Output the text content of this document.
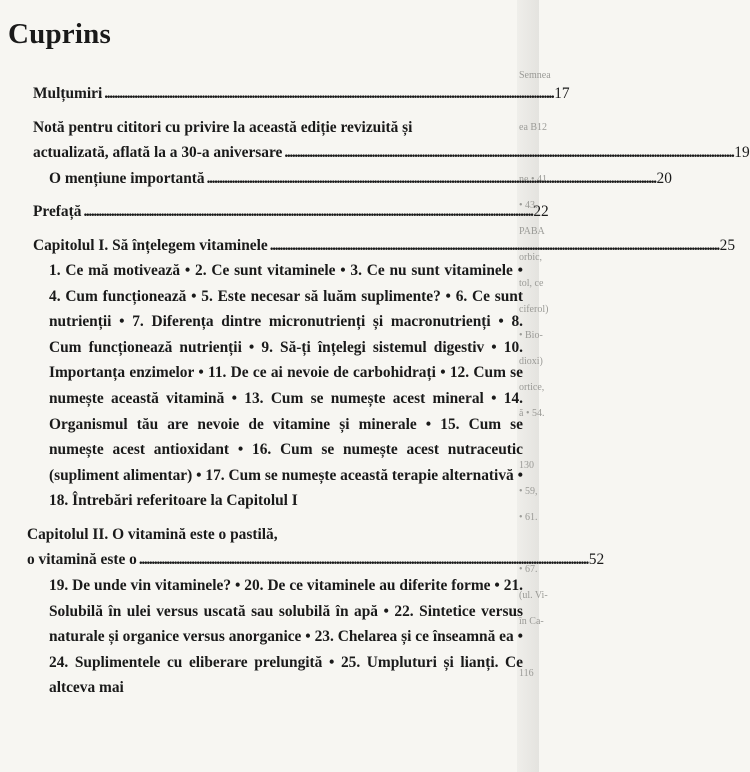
Semnea
ea B12
ne • 41.
• 43.
PABA
orbic,
tol, ce
ciferol)
• Bio-
dioxi)
ortice,
ă • 54.
130
• 59,
• 61.
• 67.
(ul. Vi-
în Ca-
116
Cuprins
Mulțumiri . . .	17
Notă pentru cititori cu privire la această ediție revizuită și
actualizată, aflată la a 30-a aniversare . . .	19
O mențiune importantă . . .	20
Prefață . . .	22
Capitolul I. Să înțelegem vitaminele . . .	25
1. Ce mă motivează • 2. Ce sunt vitaminele • 3. Ce nu sunt vitaminele • 4. Cum funcționează • 5. Este necesar să luăm suplimente? • 6. Ce sunt nutrienții • 7. Diferența dintre micronutrienți și macronutrienți • 8. Cum funcționează nutrienții • 9. Să-ți înțelegi sistemul digestiv • 10. Importanța enzimelor • 11. De ce ai nevoie de carbohidrați • 12. Cum se numește această vitamină • 13. Cum se numește acest mineral • 14. Organismul tău are nevoie de vitamine și minerale • 15. Cum se numește acest antioxidant • 16. Cum se numește acest nutraceutic (supliment alimentar) • 17. Cum se numește această terapie alternativă • 18. Întrebări referitoare la Capitolul I
Capitolul II. O vitamină este o pastilă,
o vitamină este o . . .	52
19. De unde vin vitaminele? • 20. De ce vitaminele au diferite forme • 21. Solubilă în ulei versus uscată sau solubilă în apă • 22. Sintetice versus naturale și organice versus anorganice • 23. Chelarea și ce înseamnă ea • 24. Suplimentele cu eliberare prelungită • 25. Umpluturi și lianți. Ce altceva mai
